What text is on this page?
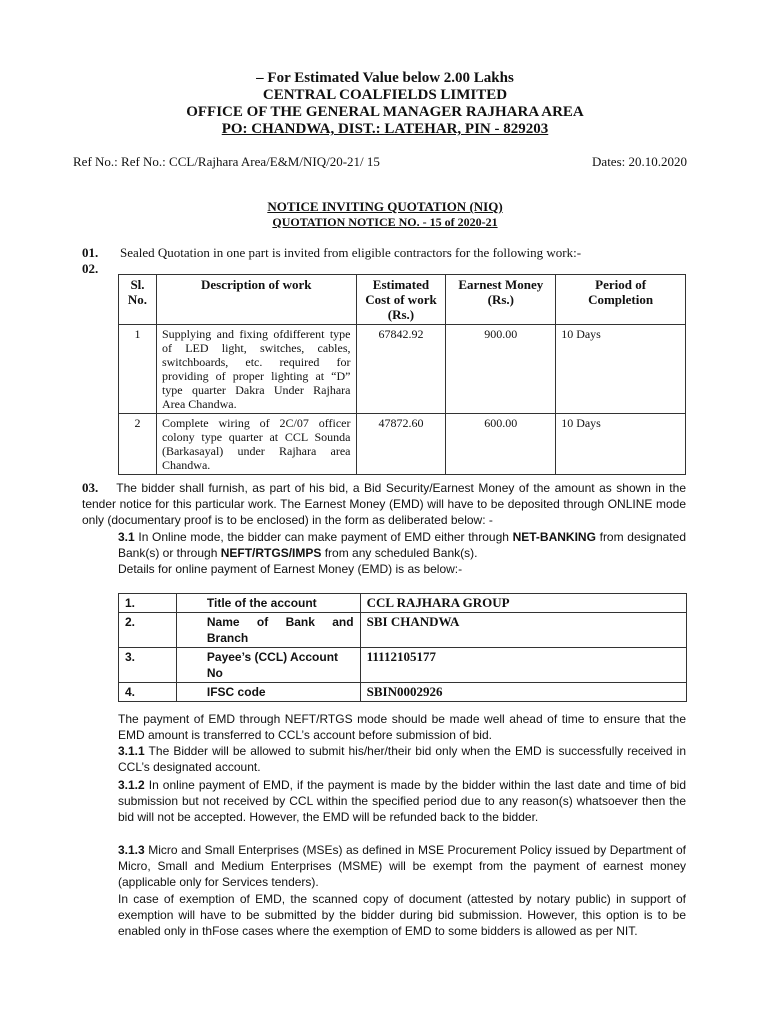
– For Estimated Value below 2.00 Lakhs
CENTRAL COALFIELDS LIMITED
OFFICE OF THE GENERAL MANAGER RAJHARA AREA
PO: CHANDWA, DIST.: LATEHAR, PIN - 829203
Ref No.: Ref No.: CCL/Rajhara Area/E&M/NIQ/20-21/ 15	Dates: 20.10.2020
NOTICE INVITING QUOTATION (NIQ)
QUOTATION NOTICE NO. - 15 of 2020-21
01.
02.
Sealed Quotation in one part is invited from eligible contractors for the following work:-
Sl. No.	Description of work	Estimated Cost of work (Rs.)	Earnest Money (Rs.)	Period of Completion
1	Supplying and fixing ofdifferent type of LED light, switches, cables, switchboards, etc. required for providing of proper lighting at “D” type quarter Dakra Under Rajhara Area Chandwa.	67842.92	900.00	10 Days
2	Complete wiring of 2C/07 officer colony type quarter at CCL Sounda (Barkasayal) under Rajhara area Chandwa.	47872.60	600.00	10 Days
03. The bidder shall furnish, as part of his bid, a Bid Security/Earnest Money of the amount as shown in the tender notice for this particular work. The Earnest Money (EMD) will have to be deposited through ONLINE mode only (documentary proof is to be enclosed) in the form as deliberated below: -
3.1 In Online mode, the bidder can make payment of EMD either through NET-BANKING from designated Bank(s) or through NEFT/RTGS/IMPS from any scheduled Bank(s).
Details for online payment of Earnest Money (EMD) is as below:-
1.	Title of the account	CCL RAJHARA GROUP
2.	Name of Bank and Branch	SBI CHANDWA
3.	Payee’s (CCL) Account No	11112105177
4.	IFSC code	SBIN0002926
The payment of EMD through NEFT/RTGS mode should be made well ahead of time to ensure that the EMD amount is transferred to CCL’s account before submission of bid.
3.1.1 The Bidder will be allowed to submit his/her/their bid only when the EMD is successfully received in CCL’s designated account.
3.1.2 In online payment of EMD, if the payment is made by the bidder within the last date and time of bid submission but not received by CCL within the specified period due to any reason(s) whatsoever then the bid will not be accepted. However, the EMD will be refunded back to the bidder.
3.1.3 Micro and Small Enterprises (MSEs) as defined in MSE Procurement Policy issued by Department of Micro, Small and Medium Enterprises (MSME) will be exempt from the payment of earnest money (applicable only for Services tenders).
In case of exemption of EMD, the scanned copy of document (attested by notary public) in support of exemption will have to be submitted by the bidder during bid submission. However, this option is to be enabled only in thFose cases where the exemption of EMD to some bidders is allowed as per NIT.
